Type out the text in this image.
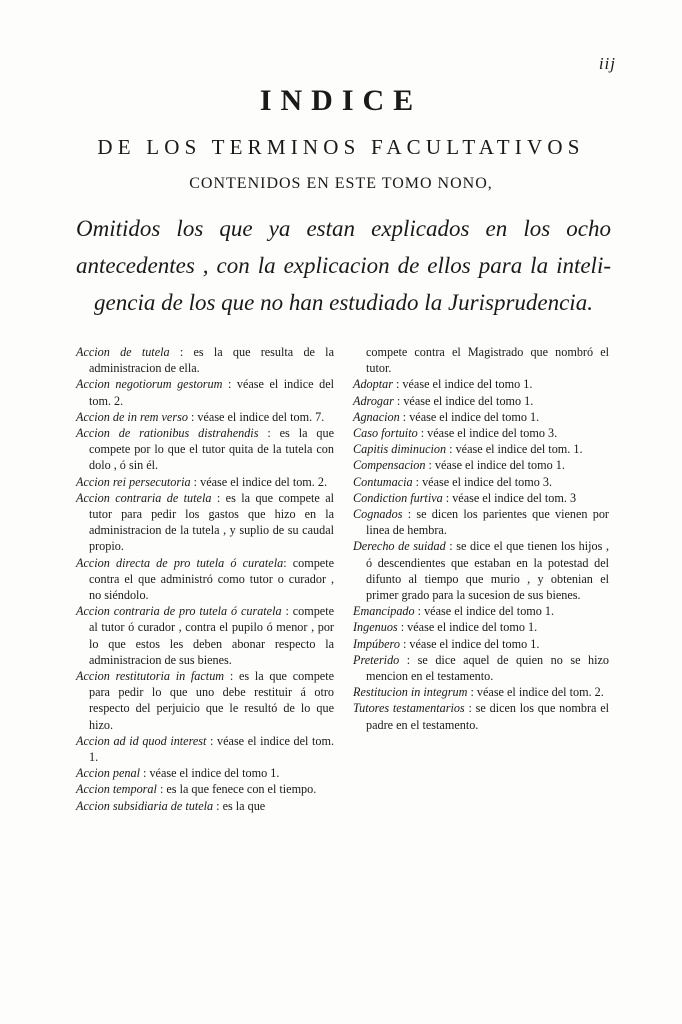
iij
INDICE
DE LOS TERMINOS FACULTATIVOS
CONTENIDOS EN ESTE TOMO NONO,
Omitidos los que ya estan explicados en los ocho
antecedentes , con la explicacion de ellos para la inteli-
gencia de los que no han estudiado la Jurisprudencia.

Accion de tutela : es la que resulta de la administracion de ella.

Accion negotiorum gestorum : véase el indice del tom. 2.

Accion de in rem verso : véase el indice del tom. 7.

Accion de rationibus distrahendis : es la que compete por lo que el tutor quita de la tutela con dolo , ó sin él.

Accion rei persecutoria : véase el indice del tom. 2.

Accion contraria de tutela : es la que compete al tutor para pedir los gastos que hizo en la administracion de la tutela , y suplio de su caudal propio.

Accion directa de pro tutela ó curatela: compete contra el que administró como tutor o curador , no siéndolo.

Accion contraria de pro tutela ó curatela : compete al tutor ó curador , contra el pupilo ó menor , por lo que estos les deben abonar respecto la administracion de sus bienes.

Accion restitutoria in factum : es la que compete para pedir lo que uno debe restituir á otro respecto del perjuicio que le resultó de lo que hizo.

Accion ad id quod interest : véase el indice del tom. 1.

Accion penal : véase el indice del tomo 1.

Accion temporal : es la que fenece con el tiempo.

Accion subsidiaria de tutela : es la que

compete contra el Magistrado que nombró el tutor.

Adoptar : véase el indice del tomo 1.

Adrogar : véase el indice del tomo 1.

Agnacion : véase el indice del tomo 1.

Caso fortuito : véase el indice del tomo 3.

Capitis diminucion : véase el indice del tom. 1.

Compensacion : véase el indice del tomo 1.

Contumacia : véase el indice del tomo 3.

Condiction furtiva : véase el indice del tom. 3

Cognados : se dicen los parientes que vienen por linea de hembra.

Derecho de suidad : se dice el que tienen los hijos , ó descendientes que estaban en la potestad del difunto al tiempo que murio , y obtenian el primer grado para la sucesion de sus bienes.

Emancipado : véase el indice del tomo 1.

Ingenuos : véase el indice del tomo 1.

Impúbero : véase el indice del tomo 1.

Preterido : se dice aquel de quien no se hizo mencion en el testamento.

Restitucion in integrum : véase el indice del tom. 2.

Tutores testamentarios : se dicen los que nombra el padre en el testamento.
